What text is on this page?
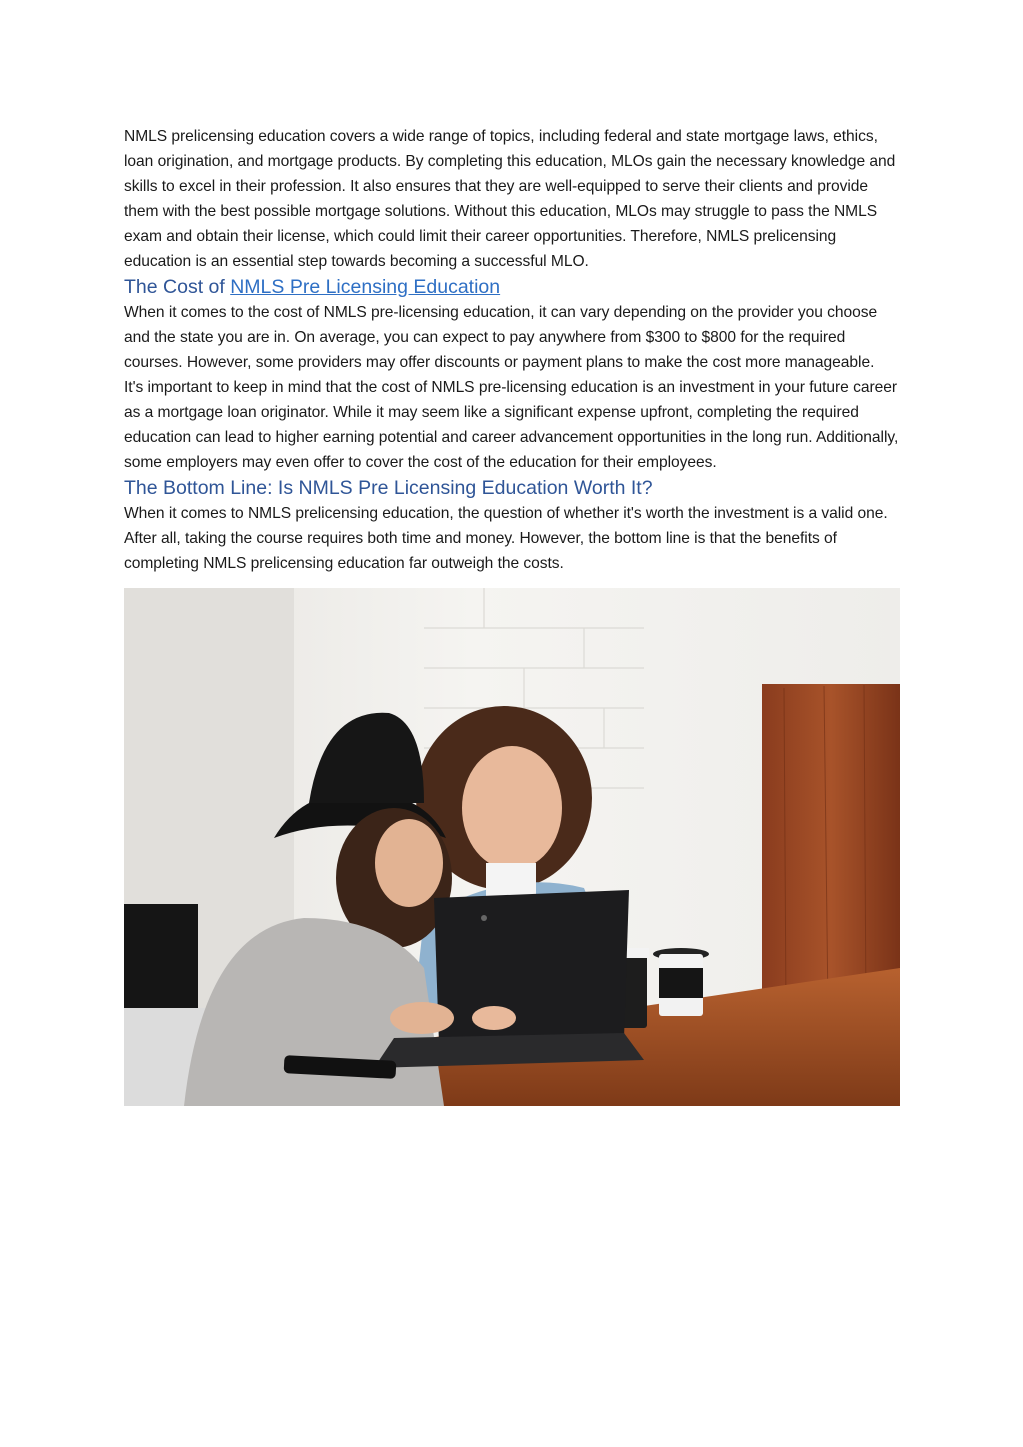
NMLS prelicensing education covers a wide range of topics, including federal and state mortgage laws, ethics, loan origination, and mortgage products. By completing this education, MLOs gain the necessary knowledge and skills to excel in their profession. It also ensures that they are well-equipped to serve their clients and provide them with the best possible mortgage solutions. Without this education, MLOs may struggle to pass the NMLS exam and obtain their license, which could limit their career opportunities. Therefore, NMLS prelicensing education is an essential step towards becoming a successful MLO.

The Cost of NMLS Pre Licensing Education

When it comes to the cost of NMLS pre-licensing education, it can vary depending on the provider you choose and the state you are in. On average, you can expect to pay anywhere from $300 to $800 for the required courses. However, some providers may offer discounts or payment plans to make the cost more manageable.

It's important to keep in mind that the cost of NMLS pre-licensing education is an investment in your future career as a mortgage loan originator. While it may seem like a significant expense upfront, completing the required education can lead to higher earning potential and career advancement opportunities in the long run. Additionally, some employers may even offer to cover the cost of the education for their employees.

The Bottom Line: Is NMLS Pre Licensing Education Worth It?

When it comes to NMLS prelicensing education, the question of whether it's worth the investment is a valid one. After all, taking the course requires both time and money. However, the bottom line is that the benefits of completing NMLS prelicensing education far outweigh the costs.
